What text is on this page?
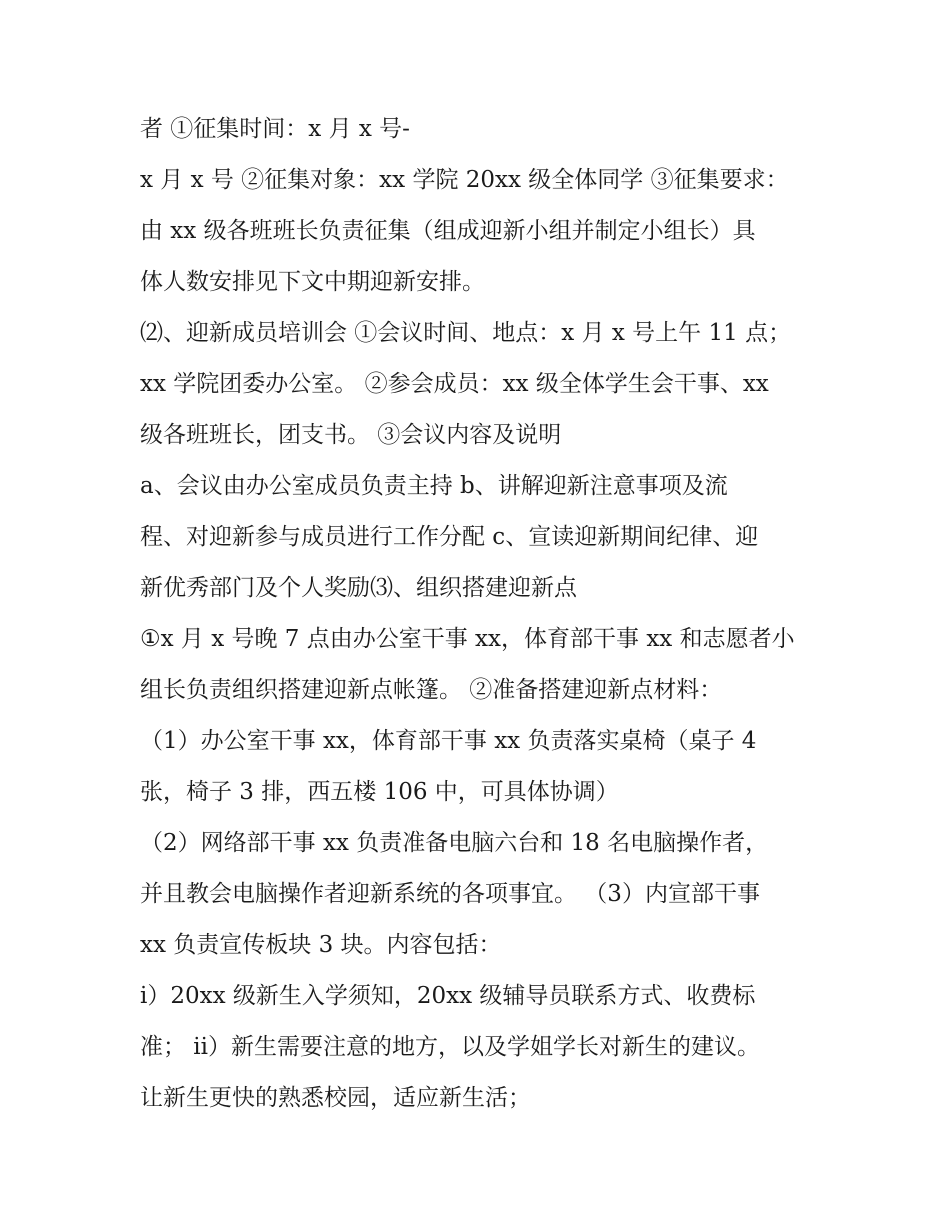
者 ①征集时间：x 月 x 号-
x 月 x 号 ②征集对象：xx 学院 20xx 级全体同学 ③征集要求：
由 xx 级各班班长负责征集（组成迎新小组并制定小组长）具
体人数安排见下文中期迎新安排。
⑵、迎新成员培训会 ①会议时间、地点：x 月 x 号上午 11 点；
xx 学院团委办公室。 ②参会成员：xx 级全体学生会干事、xx
级各班班长，团支书。 ③会议内容及说明
a、会议由办公室成员负责主持 b、讲解迎新注意事项及流
程、对迎新参与成员进行工作分配 c、宣读迎新期间纪律、迎
新优秀部门及个人奖励⑶、组织搭建迎新点
①x 月 x 号晚 7 点由办公室干事 xx，体育部干事 xx 和志愿者小
组长负责组织搭建迎新点帐篷。 ②准备搭建迎新点材料：
（1）办公室干事 xx，体育部干事 xx 负责落实桌椅（桌子 4
张，椅子 3 排，西五楼 106 中，可具体协调）
（2）网络部干事 xx 负责准备电脑六台和 18 名电脑操作者，
并且教会电脑操作者迎新系统的各项事宜。 （3）内宣部干事
xx 负责宣传板块 3 块。内容包括：
i）20xx 级新生入学须知，20xx 级辅导员联系方式、收费标
准； ii）新生需要注意的地方，以及学姐学长对新生的建议。
让新生更快的熟悉校园，适应新生活；
